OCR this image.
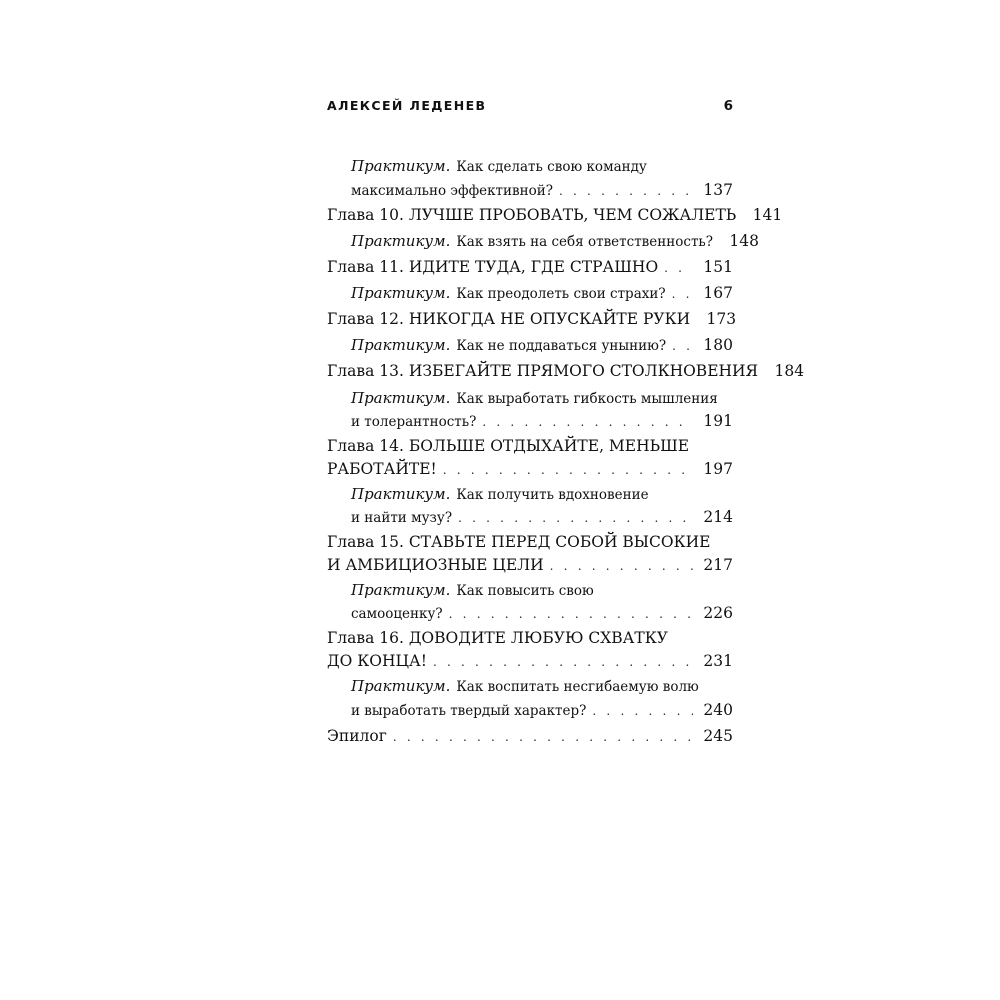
АЛЕКСЕЙ ЛЕДЕНЕВ	6
Практикум. Как сделать свою команду
максимально эффективной? . . .	137
Глава 10. ЛУЧШЕ ПРОБОВАТЬ, ЧЕМ СОЖАЛЕТЬ 141
Практикум. Как взять на себя ответственность? 148
Глава 11. ИДИТЕ ТУДА, ГДЕ СТРАШНО . . .	151
Практикум. Как преодолеть свои страхи? . . . 167
Глава 12. НИКОГДА НЕ ОПУСКАЙТЕ РУКИ 173
Практикум. Как не поддаваться унынию? . . . 180
Глава 13. ИЗБЕГАЙТЕ ПРЯМОГО СТОЛКНОВЕНИЯ 184
Практикум. Как выработать гибкость мышления
и толерантность? . . .	191
Глава 14. БОЛЬШЕ ОТДЫХАЙТЕ, МЕНЬШЕ
РАБОТАЙТЕ! . . .	197
Практикум. Как получить вдохновение
и найти музу? . . .	214
Глава 15. СТАВЬТЕ ПЕРЕД СОБОЙ ВЫСОКИЕ
И АМБИЦИОЗНЫЕ ЦЕЛИ . . .	217
Практикум. Как повысить свою
самооценку? . . .	226
Глава 16. ДОВОДИТЕ ЛЮБУЮ СХВАТКУ
ДО КОНЦА! . . .	231
Практикум. Как воспитать несгибаемую волю
и выработать твердый характер? . . .	240
Эпилог . . .	245
